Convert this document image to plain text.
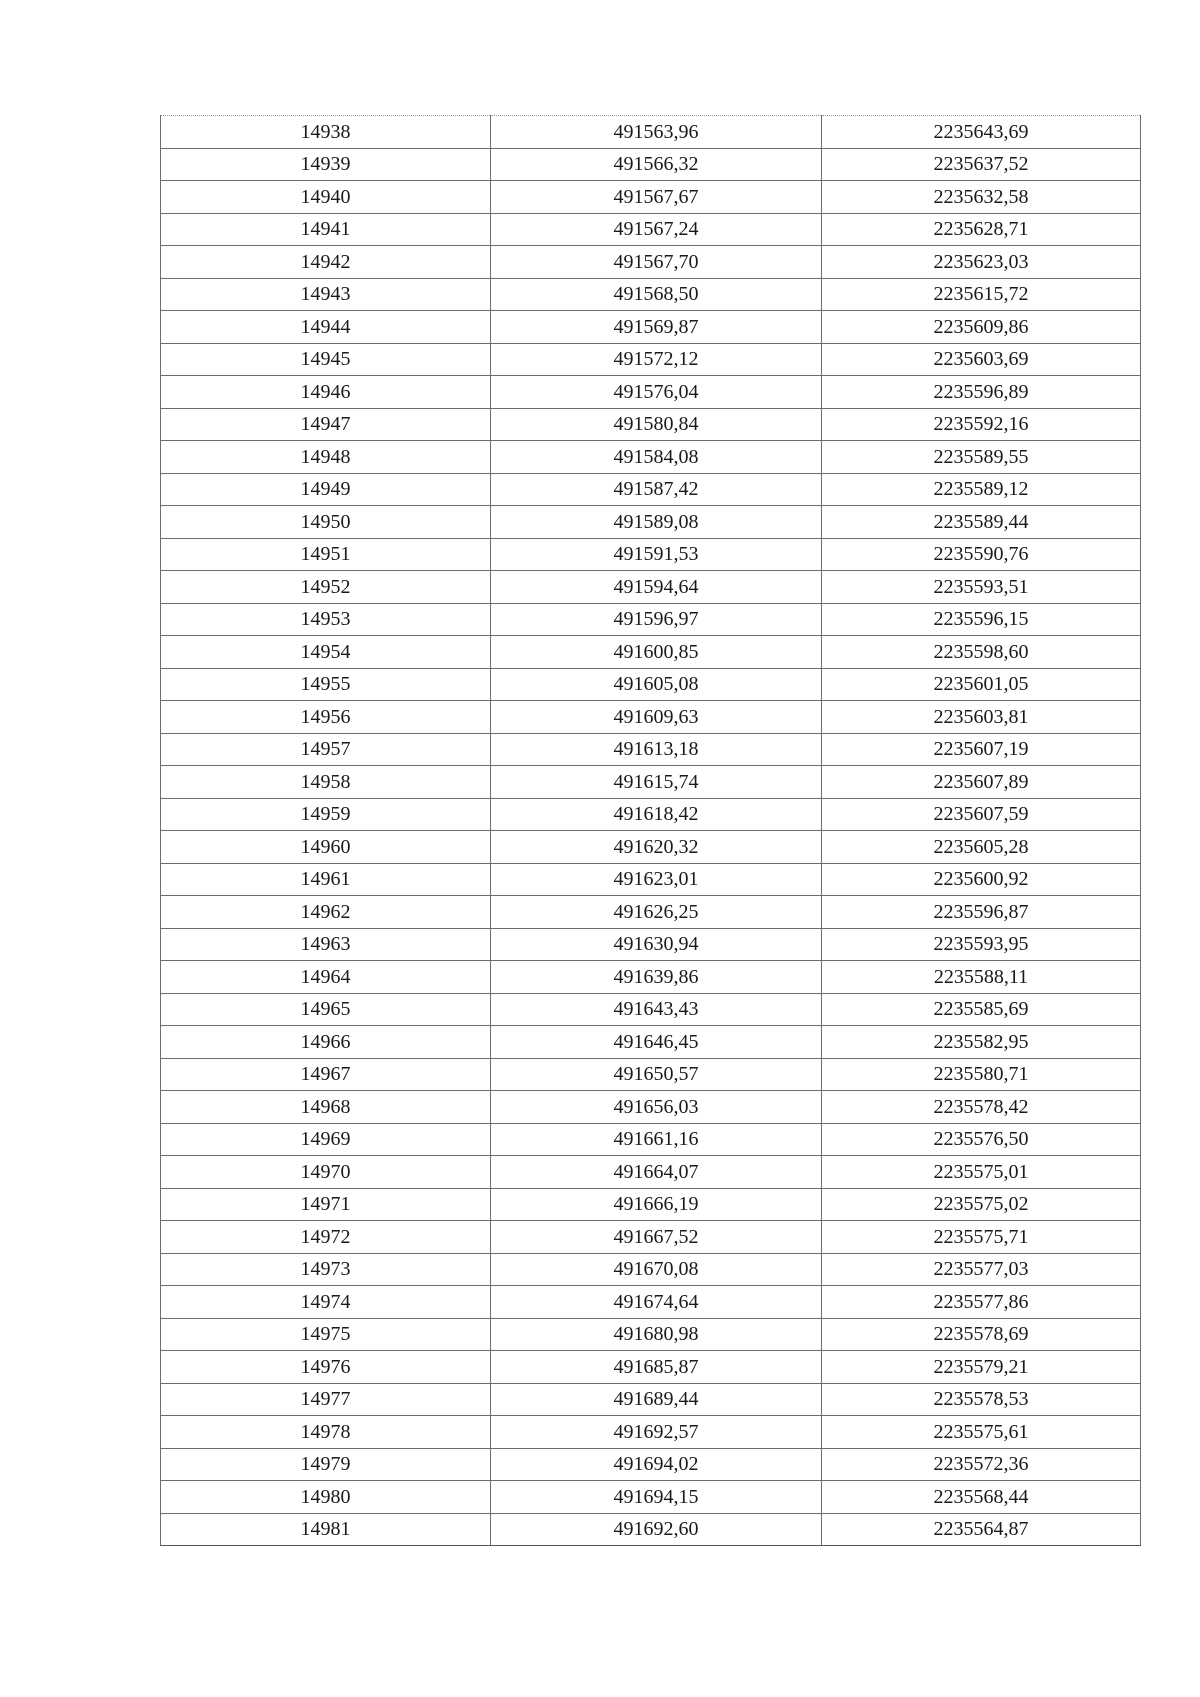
14938	491563,96	2235643,69
14939	491566,32	2235637,52
14940	491567,67	2235632,58
14941	491567,24	2235628,71
14942	491567,70	2235623,03
14943	491568,50	2235615,72
14944	491569,87	2235609,86
14945	491572,12	2235603,69
14946	491576,04	2235596,89
14947	491580,84	2235592,16
14948	491584,08	2235589,55
14949	491587,42	2235589,12
14950	491589,08	2235589,44
14951	491591,53	2235590,76
14952	491594,64	2235593,51
14953	491596,97	2235596,15
14954	491600,85	2235598,60
14955	491605,08	2235601,05
14956	491609,63	2235603,81
14957	491613,18	2235607,19
14958	491615,74	2235607,89
14959	491618,42	2235607,59
14960	491620,32	2235605,28
14961	491623,01	2235600,92
14962	491626,25	2235596,87
14963	491630,94	2235593,95
14964	491639,86	2235588,11
14965	491643,43	2235585,69
14966	491646,45	2235582,95
14967	491650,57	2235580,71
14968	491656,03	2235578,42
14969	491661,16	2235576,50
14970	491664,07	2235575,01
14971	491666,19	2235575,02
14972	491667,52	2235575,71
14973	491670,08	2235577,03
14974	491674,64	2235577,86
14975	491680,98	2235578,69
14976	491685,87	2235579,21
14977	491689,44	2235578,53
14978	491692,57	2235575,61
14979	491694,02	2235572,36
14980	491694,15	2235568,44
14981	491692,60	2235564,87
